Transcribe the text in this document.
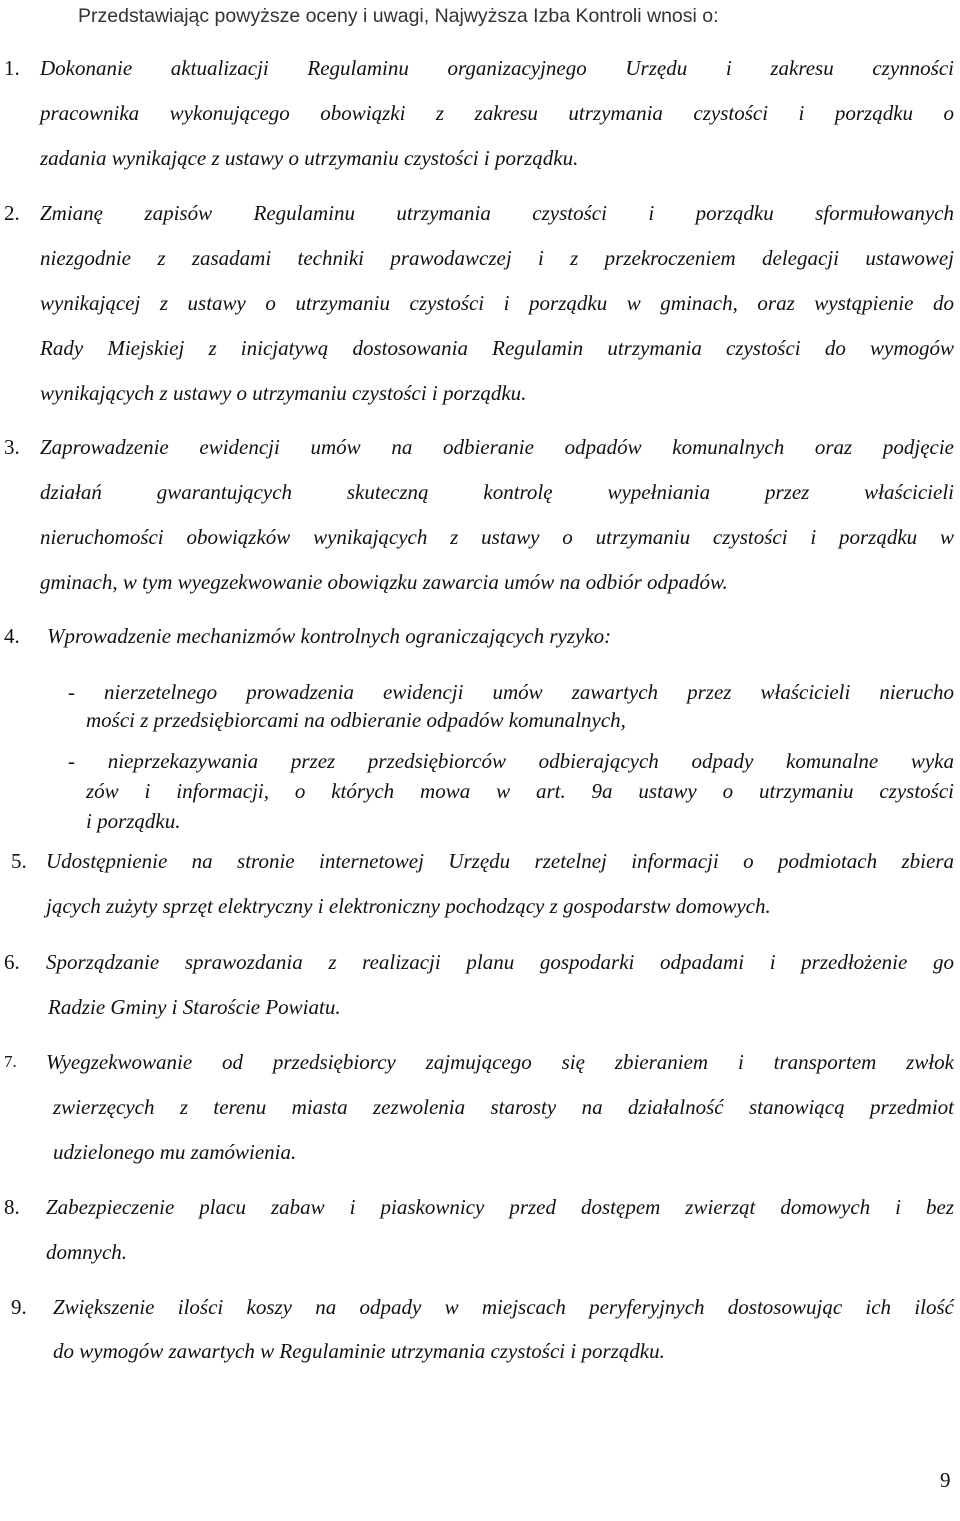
Przedstawiając powyższe oceny i uwagi, Najwyższa Izba Kontroli wnosi o:
1. Dokonanie aktualizacji Regulaminu organizacyjnego Urzędu i zakresu czynności
pracownika wykonującego obowiązki z zakresu utrzymania czystości i porządku o
zadania wynikające z ustawy o utrzymaniu czystości i porządku.
2. Zmianę zapisów Regulaminu utrzymania czystości i porządku sformułowanych
niezgodnie z zasadami techniki prawodawczej i z przekroczeniem delegacji ustawowej
wynikającej z ustawy o utrzymaniu czystości i porządku w gminach, oraz wystąpienie do
Rady Miejskiej z inicjatywą dostosowania Regulamin utrzymania czystości do wymogów
wynikających z ustawy o utrzymaniu czystości i porządku.
3. Zaprowadzenie ewidencji umów na odbieranie odpadów komunalnych oraz podjęcie
działań gwarantujących skuteczną kontrolę wypełniania przez właścicieli
nieruchomości obowiązków wynikających z ustawy o utrzymaniu czystości i porządku w
gminach, w tym wyegzekwowanie obowiązku zawarcia umów na odbiór odpadów.
4. Wprowadzenie mechanizmów kontrolnych ograniczających ryzyko:
- nierzetelnego prowadzenia ewidencji umów zawartych przez właścicieli nierucho
mości z przedsiębiorcami na odbieranie odpadów komunalnych,
- nieprzekazywania przez przedsiębiorców odbierających odpady komunalne wyka
zów i informacji, o których mowa w art. 9a ustawy o utrzymaniu czystości
i porządku.
5. Udostępnienie na stronie internetowej Urzędu rzetelnej informacji o podmiotach zbiera
jących zużyty sprzęt elektryczny i elektroniczny pochodzący z gospodarstw domowych.
6. Sporządzanie sprawozdania z realizacji planu gospodarki odpadami i przedłożenie go
Radzie Gminy i Staroście Powiatu.
7. Wyegzekwowanie od przedsiębiorcy zajmującego się zbieraniem i transportem zwłok
zwierzęcych z terenu miasta zezwolenia starosty na działalność stanowiącą przedmiot
udzielonego mu zamówienia.
8. Zabezpieczenie placu zabaw i piaskownicy przed dostępem zwierząt domowych i bez
domnych.
9. Zwiększenie ilości koszy na odpady w miejscach peryferyjnych dostosowując ich ilość
do wymogów zawartych w Regulaminie utrzymania czystości i porządku.
9
